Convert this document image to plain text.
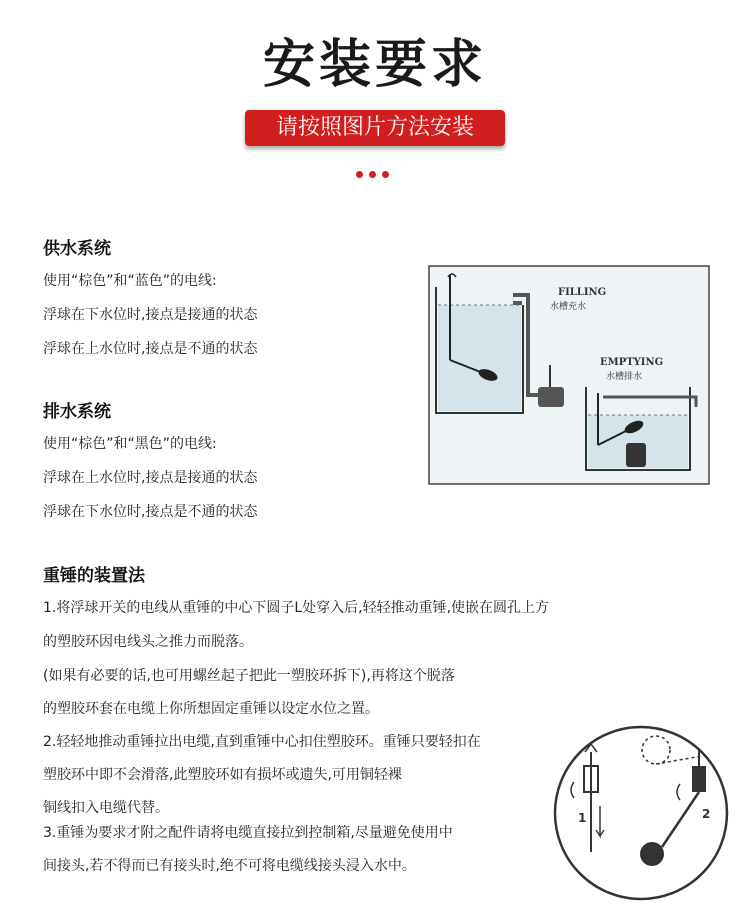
安装要求
请按照图片方法安装
供水系统
使用“棕色”和“蓝色”的电线:
浮球在下水位时,接点是接通的状态
浮球在上水位时,接点是不通的状态
排水系统
使用“棕色”和“黑色”的电线:
浮球在上水位时,接点是接通的状态
浮球在下水位时,接点是不通的状态
重锤的装置法
1.将浮球开关的电线从重锤的中心下圆子L处穿入后,轻轻推动重锤,使嵌在圆孔上方
的塑胶环因电线头之推力而脱落。
(如果有必要的话,也可用螺丝起子把此一塑胶环拆下),再将这个脱落
的塑胶环套在电缆上你所想固定重锤以设定水位之置。
2.轻轻地推动重锤拉出电缆,直到重锤中心扣住塑胶环。重锤只要轻扣在
塑胶环中即不会滑落,此塑胶环如有损坏或遗失,可用铜轻裸
铜线扣入电缆代替。
3.重锤为要求才附之配件请将电缆直接拉到控制箱,尽量避免使用中
间接头,若不得而已有接头时,绝不可将电缆线接头浸入水中。
FILLING
水槽充水
EMPTYING
水槽排水
1	2
